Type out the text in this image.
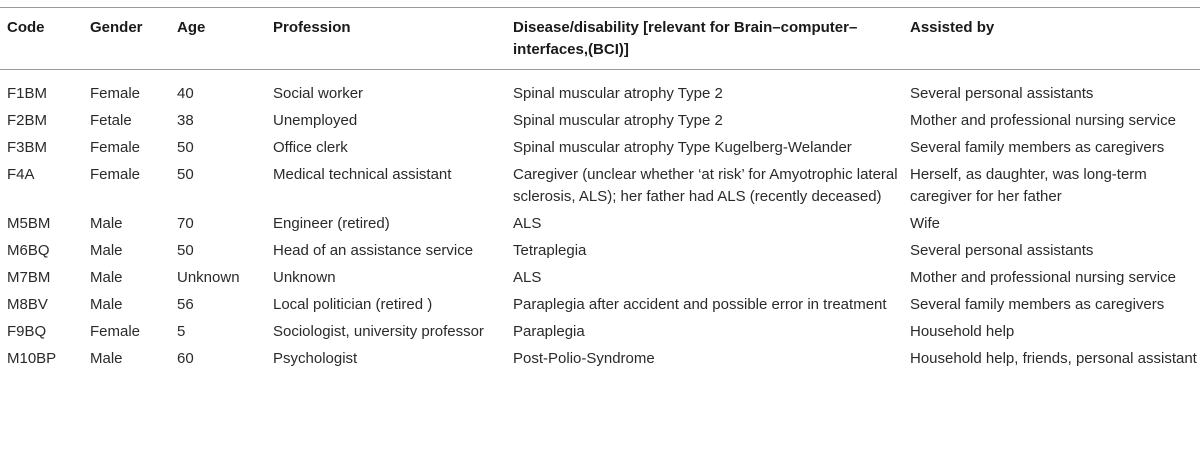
Code	Gender	Age	Profession	Disease/disability [relevant for Brain–computer–interfaces,(BCI)]	Assisted by
F1BM	Female	40	Social worker	Spinal muscular atrophy Type 2	Several personal assistants
F2BM	Fetale	38	Unemployed	Spinal muscular atrophy Type 2	Mother and professional nursing service
F3BM	Female	50	Office clerk	Spinal muscular atrophy Type Kugelberg-Welander	Several family members as caregivers
F4A	Female	50	Medical technical assistant	Caregiver (unclear whether ‘at risk’ for Amyotrophic lateral sclerosis, ALS); her father had ALS (recently deceased)	Herself, as daughter, was long-term caregiver for her father
M5BM	Male	70	Engineer (retired)	ALS	Wife
M6BQ	Male	50	Head of an assistance service	Tetraplegia	Several personal assistants
M7BM	Male	Unknown	Unknown	ALS	Mother and professional nursing service
M8BV	Male	56	Local politician (retired )	Paraplegia after accident and possible error in treatment	Several family members as caregivers
F9BQ	Female	5	Sociologist, university professor	Paraplegia	Household help
M10BP	Male	60	Psychologist	Post-Polio-Syndrome	Household help, friends, personal assistant
